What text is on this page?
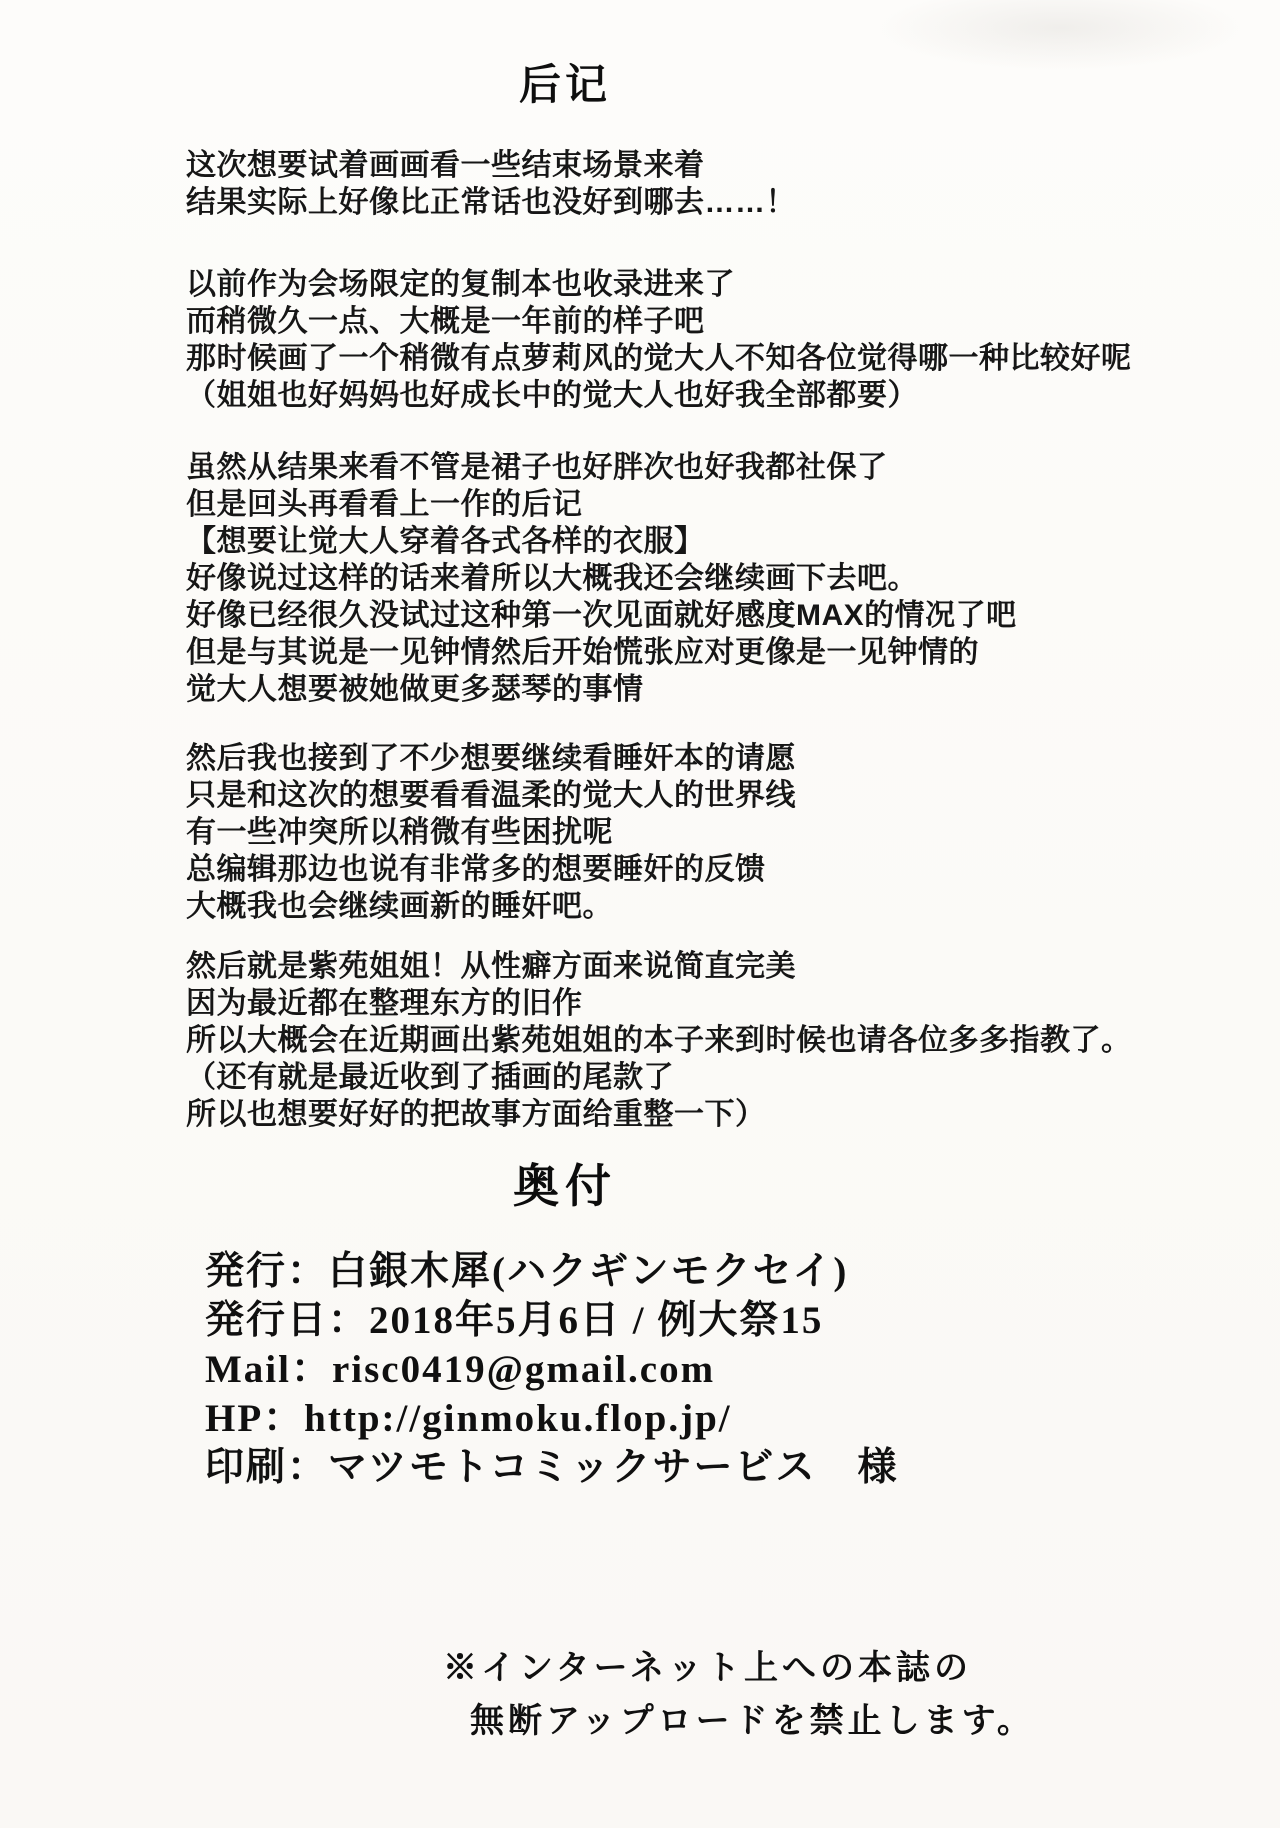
后记
这次想要试着画画看一些结束场景来着
结果实际上好像比正常话也没好到哪去……！
以前作为会场限定的复制本也收录进来了
而稍微久一点、大概是一年前的样子吧
那时候画了一个稍微有点萝莉风的觉大人不知各位觉得哪一种比较好呢
（姐姐也好妈妈也好成长中的觉大人也好我全部都要）
虽然从结果来看不管是裙子也好胖次也好我都社保了
但是回头再看看上一作的后记
【想要让觉大人穿着各式各样的衣服】
好像说过这样的话来着所以大概我还会继续画下去吧。
好像已经很久没试过这种第一次见面就好感度MAX的情况了吧
但是与其说是一见钟情然后开始慌张应对更像是一见钟情的
觉大人想要被她做更多瑟琴的事情
然后我也接到了不少想要继续看睡奸本的请愿
只是和这次的想要看看温柔的觉大人的世界线
有一些冲突所以稍微有些困扰呢
总编辑那边也说有非常多的想要睡奸的反馈
大概我也会继续画新的睡奸吧。
然后就是紫苑姐姐！从性癖方面来说简直完美
因为最近都在整理东方的旧作
所以大概会在近期画出紫苑姐姐的本子来到时候也请各位多多指教了。
（还有就是最近收到了插画的尾款了
所以也想要好好的把故事方面给重整一下）
奥付
発行：白銀木犀(ハクギンモクセイ)
発行日：2018年5月6日 / 例大祭15
Mail：risc0419@gmail.com
HP：http://ginmoku.flop.jp/
印刷：マツモトコミックサービス　様
※インターネット上への本誌の
無断アップロードを禁止します。
